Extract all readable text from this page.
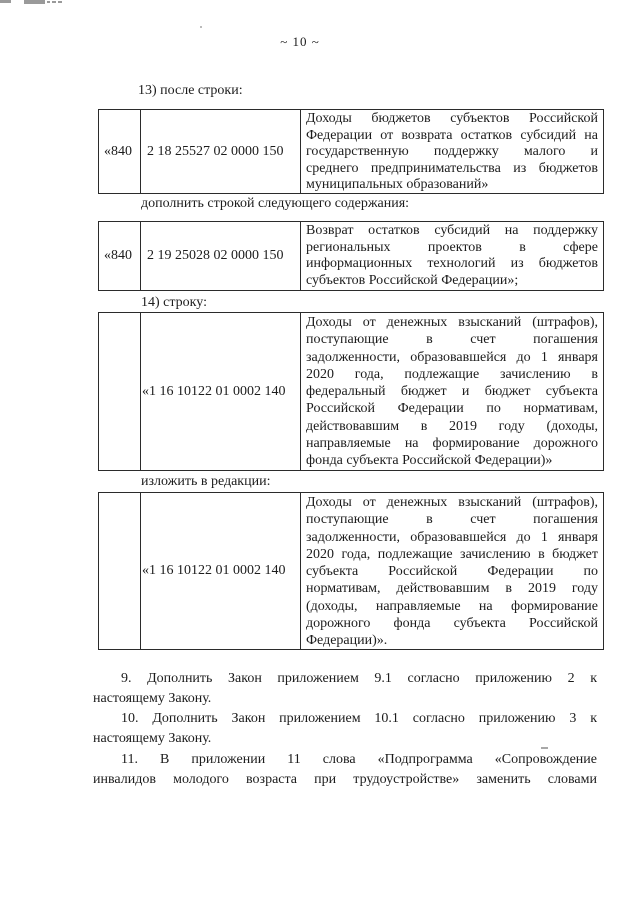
~ 10 ~
13) после строки:
«840	2 18 25527 02 0000 150
Доходы бюджетов субъектов Российской
Федерации от возврата остатков субсидий на
государственную поддержку малого и
среднего предпринимательства из бюджетов
муниципальных образований»
дополнить строкой следующего содержания:
«840	2 19 25028 02 0000 150
Возврат остатков субсидий на поддержку
региональных проектов в сфере
информационных технологий из бюджетов
субъектов Российской Федерации»;
14) строку:
«1 16 10122 01 0002 140
Доходы от денежных взысканий (штрафов),
поступающие в счет погашения
задолженности, образовавшейся до 1 января
2020 года, подлежащие зачислению в
федеральный бюджет и бюджет субъекта
Российской Федерации по нормативам,
действовавшим в 2019 году (доходы,
направляемые на формирование дорожного
фонда субъекта Российской Федерации)»
изложить в редакции:
«1 16 10122 01 0002 140
Доходы от денежных взысканий (штрафов),
поступающие в счет погашения
задолженности, образовавшейся до 1 января
2020 года, подлежащие зачислению в бюджет
субъекта Российской Федерации по
нормативам, действовавшим в 2019 году
(доходы, направляемые на формирование
дорожного фонда субъекта Российской
Федерации)».
9. Дополнить Закон приложением 9.1 согласно приложению 2 к
настоящему Закону.
10. Дополнить Закон приложением 10.1 согласно приложению 3 к
настоящему Закону.
11. В приложении 11 слова «Подпрограмма «Сопровождение
инвалидов молодого возраста при трудоустройстве» заменить словами
